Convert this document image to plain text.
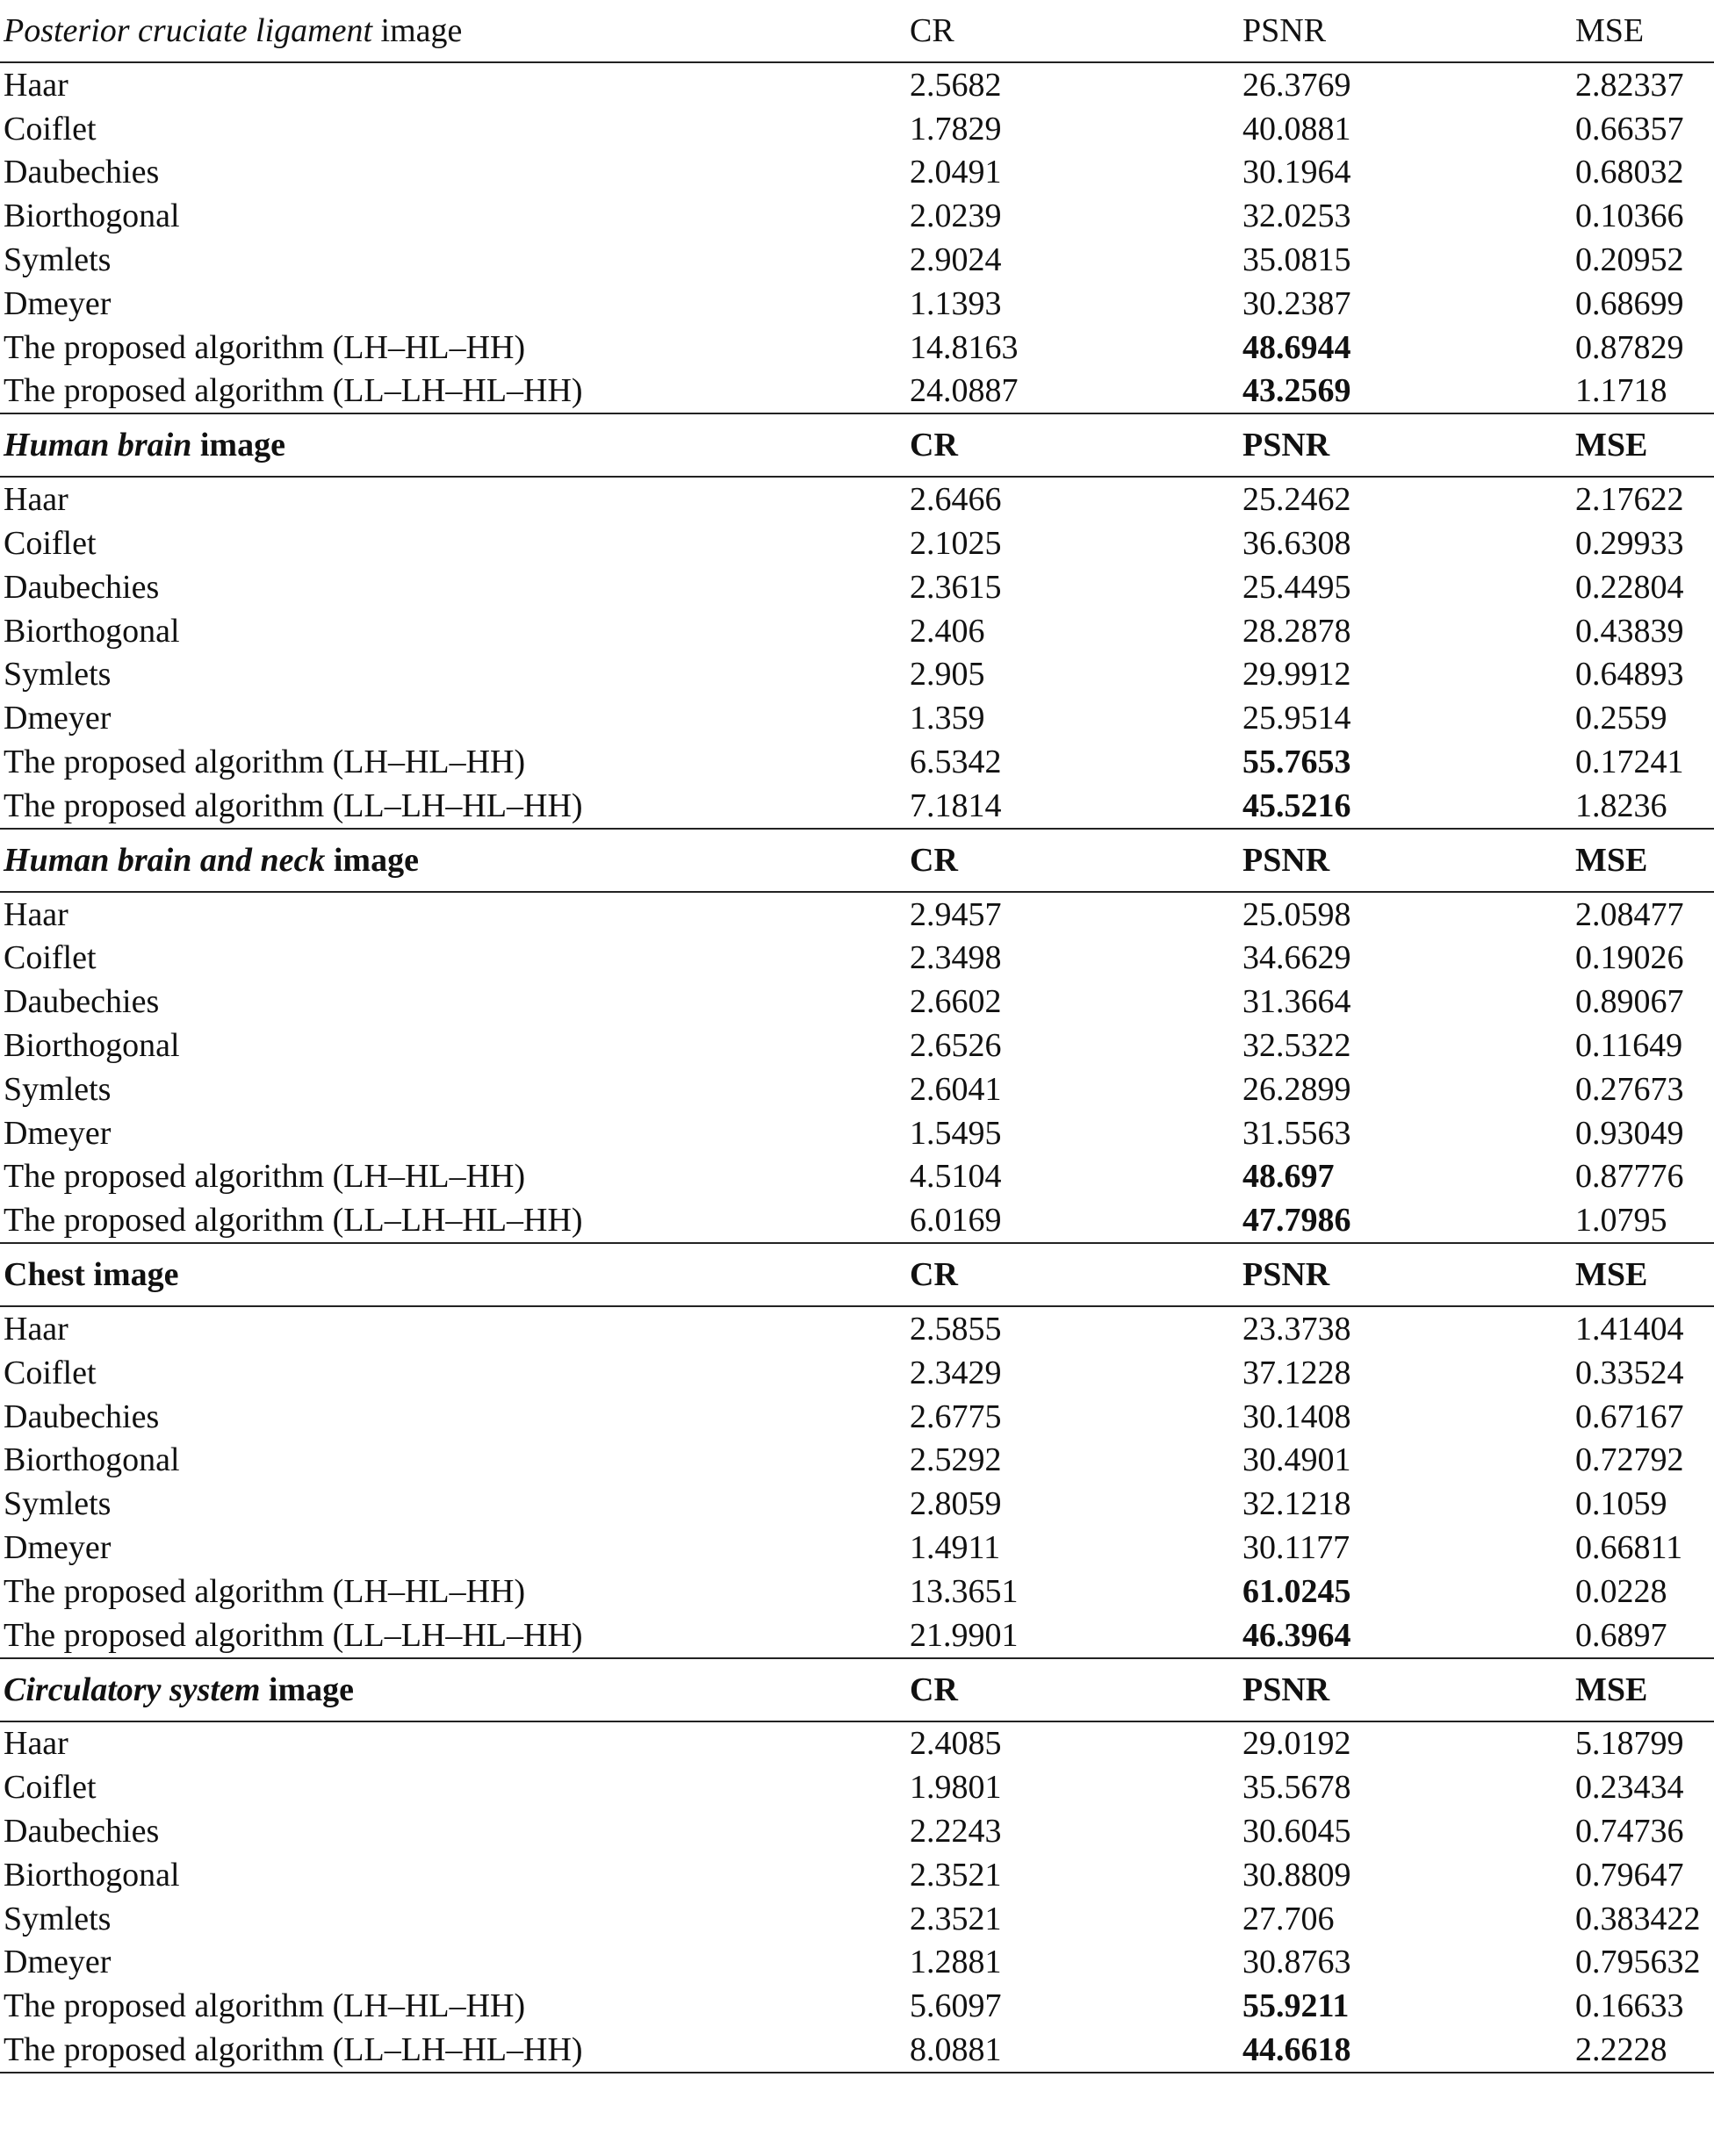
Posterior cruciate ligament image	CR	PSNR	MSE
Haar	2.5682	26.3769	2.82337
Coiflet	1.7829	40.0881	0.66357
Daubechies	2.0491	30.1964	0.68032
Biorthogonal	2.0239	32.0253	0.10366
Symlets	2.9024	35.0815	0.20952
Dmeyer	1.1393	30.2387	0.68699
The proposed algorithm (LH–HL–HH)	14.8163	48.6944	0.87829
The proposed algorithm (LL–LH–HL–HH)	24.0887	43.2569	1.1718
Human brain image	CR	PSNR	MSE
Haar	2.6466	25.2462	2.17622
Coiflet	2.1025	36.6308	0.29933
Daubechies	2.3615	25.4495	0.22804
Biorthogonal	2.406	28.2878	0.43839
Symlets	2.905	29.9912	0.64893
Dmeyer	1.359	25.9514	0.2559
The proposed algorithm (LH–HL–HH)	6.5342	55.7653	0.17241
The proposed algorithm (LL–LH–HL–HH)	7.1814	45.5216	1.8236
Human brain and neck image	CR	PSNR	MSE
Haar	2.9457	25.0598	2.08477
Coiflet	2.3498	34.6629	0.19026
Daubechies	2.6602	31.3664	0.89067
Biorthogonal	2.6526	32.5322	0.11649
Symlets	2.6041	26.2899	0.27673
Dmeyer	1.5495	31.5563	0.93049
The proposed algorithm (LH–HL–HH)	4.5104	48.697	0.87776
The proposed algorithm (LL–LH–HL–HH)	6.0169	47.7986	1.0795
Chest image	CR	PSNR	MSE
Haar	2.5855	23.3738	1.41404
Coiflet	2.3429	37.1228	0.33524
Daubechies	2.6775	30.1408	0.67167
Biorthogonal	2.5292	30.4901	0.72792
Symlets	2.8059	32.1218	0.1059
Dmeyer	1.4911	30.1177	0.66811
The proposed algorithm (LH–HL–HH)	13.3651	61.0245	0.0228
The proposed algorithm (LL–LH–HL–HH)	21.9901	46.3964	0.6897
Circulatory system image	CR	PSNR	MSE
Haar	2.4085	29.0192	5.18799
Coiflet	1.9801	35.5678	0.23434
Daubechies	2.2243	30.6045	0.74736
Biorthogonal	2.3521	30.8809	0.79647
Symlets	2.3521	27.706	0.383422
Dmeyer	1.2881	30.8763	0.795632
The proposed algorithm (LH–HL–HH)	5.6097	55.9211	0.16633
The proposed algorithm (LL–LH–HL–HH)	8.0881	44.6618	2.2228
